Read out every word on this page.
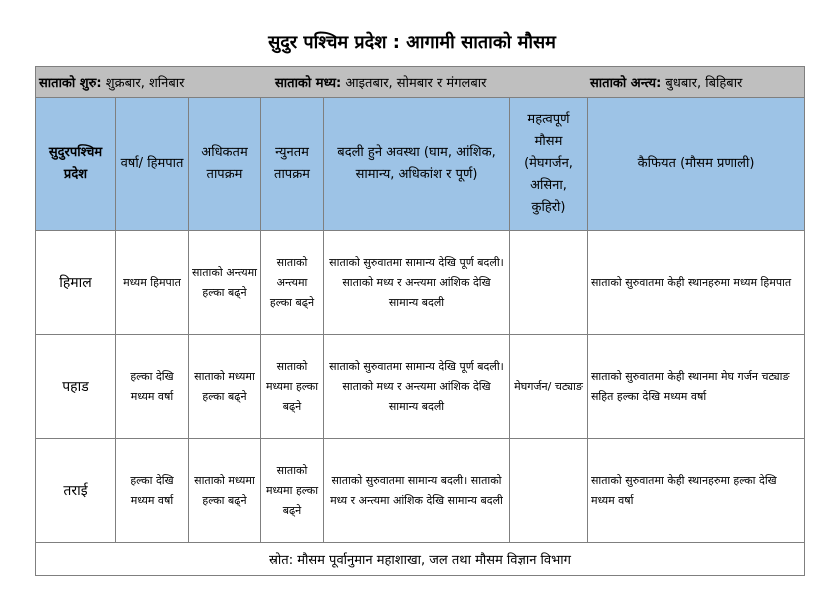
सुदुर पश्चिम प्रदेश : आगामी साताको मौसम
साताको शुरु: शुक्रबार, शनिबार साताको मध्य: आइतबार, सोमबार र मंगलबार साताको अन्त्य: बुधबार, बिहिबार						
सुदुरपश्चिम प्रदेश	वर्षा/ हिमपात	अधिकतम तापक्रम	न्युनतम तापक्रम	बदली हुने अवस्था (घाम, आंशिक, सामान्य, अधिकांश र पूर्ण)	महत्वपूर्ण मौसम (मेघगर्जन, असिना, कुहिरो)	कैफियत (मौसम प्रणाली)
हिमाल	मध्यम हिमपात	साताको अन्त्यमा हल्का बढ्ने	साताको अन्त्यमा हल्का बढ्ने	साताको सुरुवातमा सामान्य देखि पूर्ण बदली। साताको मध्य र अन्त्यमा आंशिक देखि सामान्य बदली		साताको सुरुवातमा केही स्थानहरुमा मध्यम हिमपात
पहाड	हल्का देखि मध्यम वर्षा	साताको मध्यमा हल्का बढ्ने	साताको मध्यमा हल्का बढ्ने	साताको सुरुवातमा सामान्य देखि पूर्ण बदली। साताको मध्य र अन्त्यमा आंशिक देखि सामान्य बदली	मेघगर्जन/ चट्याङ	साताको सुरुवातमा केही स्थानमा मेघ गर्जन चट्याङ सहित हल्का देखि मध्यम वर्षा
तराई	हल्का देखि मध्यम वर्षा	साताको मध्यमा हल्का बढ्ने	साताको मध्यमा हल्का बढ्ने	साताको सुरुवातमा सामान्य बदली। साताको मध्य र अन्त्यमा आंशिक देखि सामान्य बदली		साताको सुरुवातमा केही स्थानहरुमा हल्का देखि मध्यम वर्षा
स्रोत: मौसम पूर्वानुमान महाशाखा, जल तथा मौसम विज्ञान विभाग						
